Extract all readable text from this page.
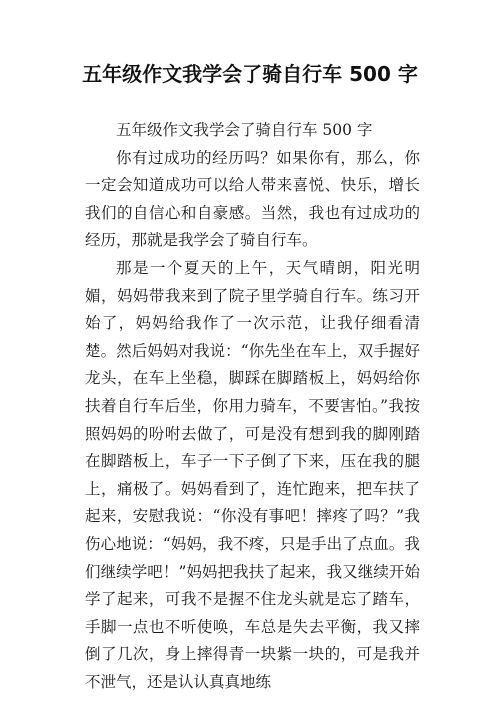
五年级作文我学会了骑自行车 500 字

五年级作文我学会了骑自行车 500 字

你有过成功的经历吗？如果你有，那么，你一定会知道成功可以给人带来喜悦、快乐，增长我们的自信心和自豪感。当然，我也有过成功的经历，那就是我学会了骑自行车。

那是一个夏天的上午，天气晴朗，阳光明媚，妈妈带我来到了院子里学骑自行车。练习开始了，妈妈给我作了一次示范，让我仔细看清楚。然后妈妈对我说：“你先坐在车上，双手握好龙头，在车上坐稳，脚踩在脚踏板上，妈妈给你扶着自行车后坐，你用力骑车，不要害怕。”我按照妈妈的吩咐去做了，可是没有想到我的脚刚踏在脚踏板上，车子一下子倒了下来，压在我的腿上，痛极了。妈妈看到了，连忙跑来，把车扶了起来，安慰我说：“你没有事吧！摔疼了吗？”我伤心地说：“妈妈，我不疼，只是手出了点血。我们继续学吧！”妈妈把我扶了起来，我又继续开始学了起来，可我不是握不住龙头就是忘了踏车，手脚一点也不听使唤，车总是失去平衡，我又摔倒了几次，身上摔得青一块紫一块的，可是我并不泄气，还是认认真真地练
